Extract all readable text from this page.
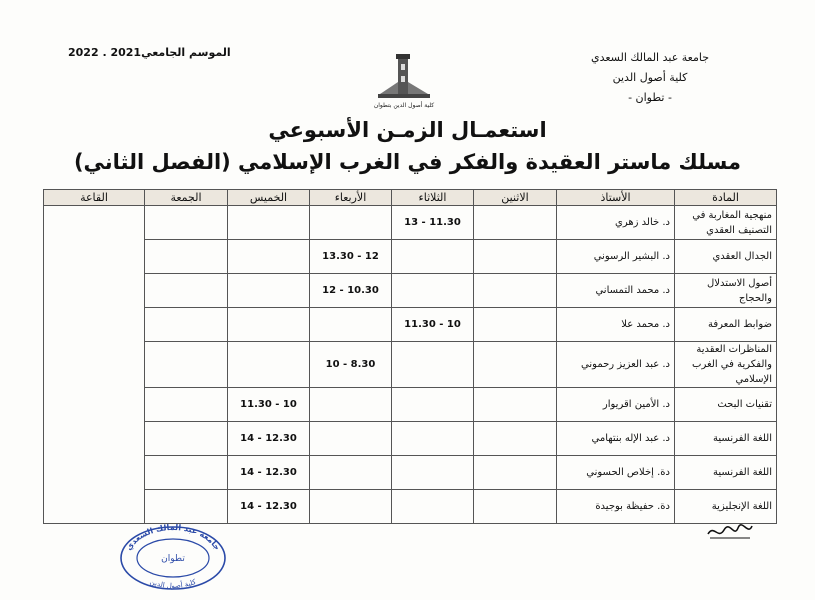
جامعة عبد المالك السعدي
كلية أصول الدين
- تطوان -
الموسم الجامعي2021 . 2022
كلية أصول الدين بتطوان
استعمـال الزمـن الأسبوعي
مسلك ماستر العقيدة والفكر في الغرب الإسلامي (الفصل الثاني)
المادة	الأستاذ	الاثنين	الثلاثاء	الأربعاء	الخميس	الجمعة	القاعة
منهجية المغاربة في التصنيف العقدي	د. خالد زهري		11.30 - 13				
الجدال العقدي	د. البشير الرسوني			12 - 13.30			
أصول الاستدلال والحجاج	د. محمد التمساني			10.30 - 12			
ضوابط المعرفة	د. محمد علا		10 - 11.30				
المناظرات العقدية والفكرية في الغرب الإسلامي	د. عبد العزيز رحموني			8.30 - 10			
تقنيات البحث	د. الأمين اقريوار				10 - 11.30		
اللغة الفرنسية	د. عبد الإله بنتهامي				12.30 - 14		
اللغة الفرنسية	دة. إخلاص الحسوني				12.30 - 14		
اللغة الإنجليزية	دة. حفيظة بوجيدة				12.30 - 14		
جامعة عبد المالك السعدي
تطوان
كلية أصول الدين
